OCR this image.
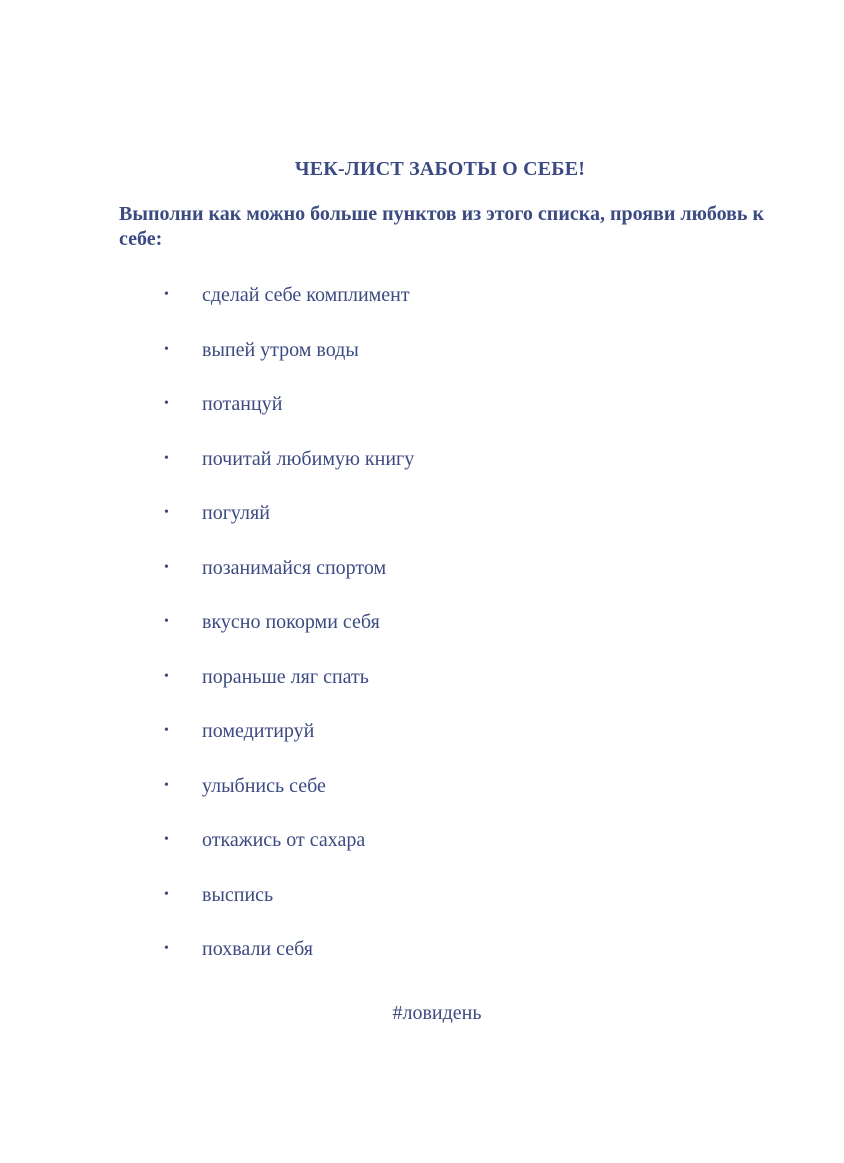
ЧЕК-ЛИСТ ЗАБОТЫ О СЕБЕ!
Выполни как можно больше пунктов из этого списка, прояви любовь к себе:
• сделай себе комплимент
• выпей утром воды
• потанцуй
• почитай любимую книгу
• погуляй
• позанимайся спортом
• вкусно покорми себя
• пораньше ляг спать
• помедитируй
• улыбнись себе
• откажись от сахара
• выспись
• похвали себя
#ловидень
